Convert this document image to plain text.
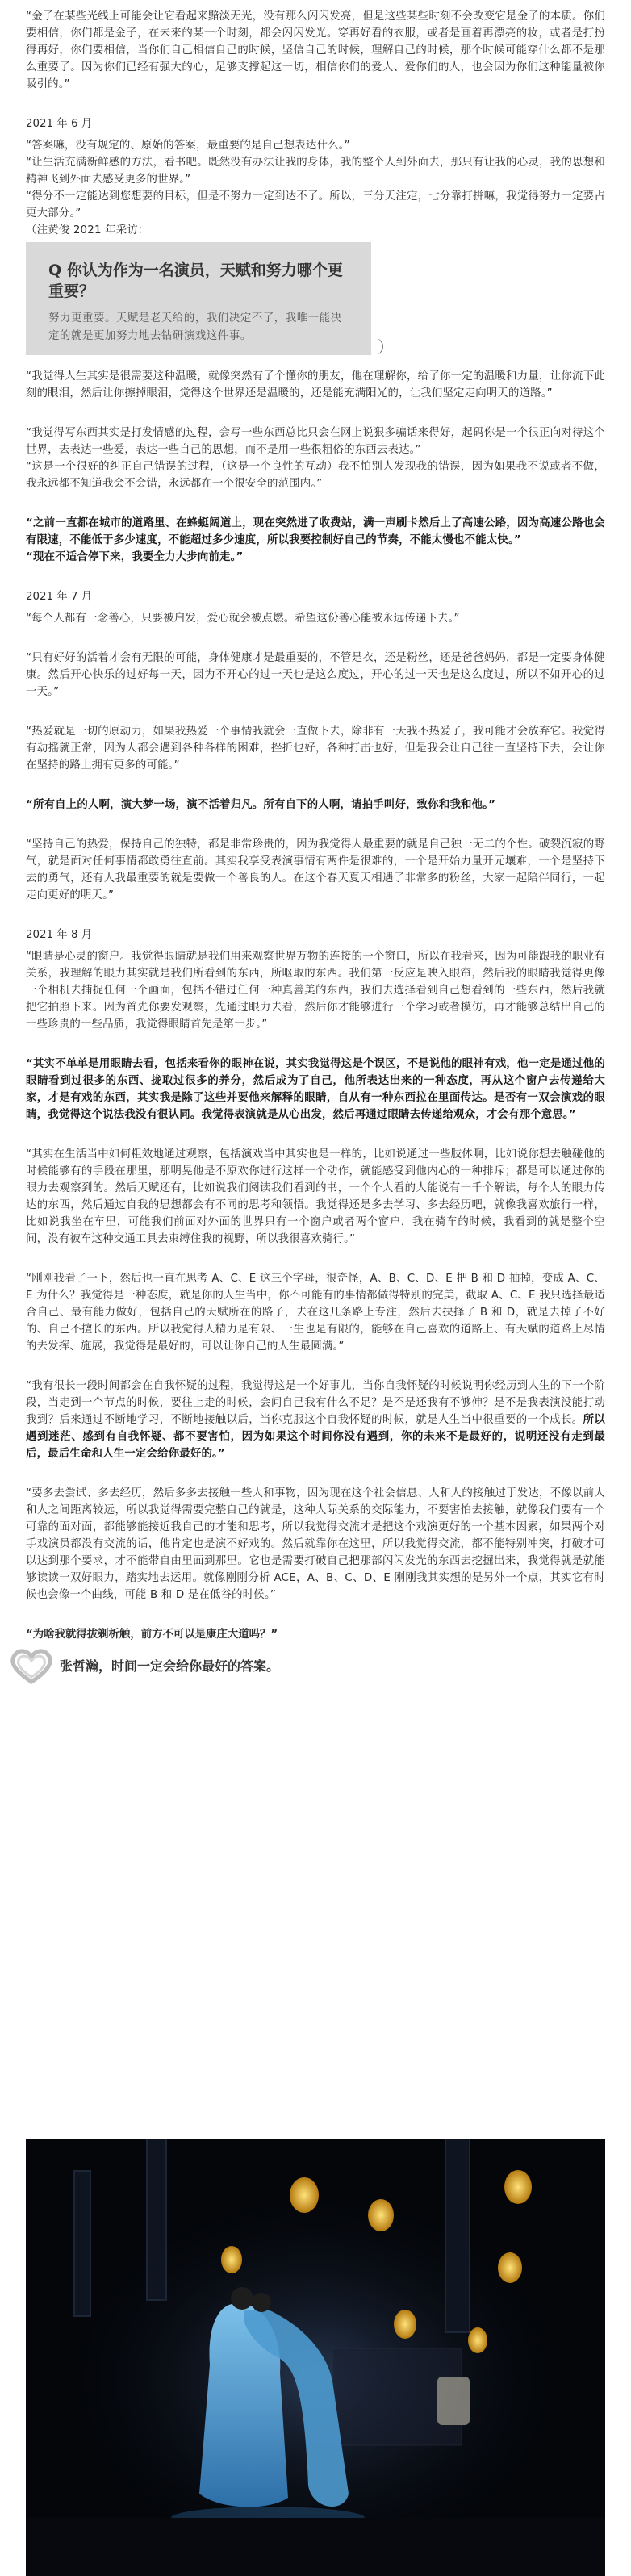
“金子在某些光线上可能会让它看起来黯淡无光，没有那么闪闪发亮，但是这些某些时刻不会改变它是金子的本质。你们要相信，你们都是金子，在未来的某一个时刻，都会闪闪发光。穿再好看的衣服，或者是画着再漂亮的妆，或者是打扮得再好，你们要相信，当你们自己相信自己的时候，坚信自己的时候，理解自己的时候，那个时候可能穿什么都不是那么重要了。因为你们已经有强大的心，足够支撑起这一切，相信你们的爱人、爱你们的人，也会因为你们这种能量被你吸引的。”

2021 年 6 月

“答案嘛，没有规定的、原始的答案，最重要的是自己想表达什么。”

“让生活充满新鲜感的方法，看书吧。既然没有办法让我的身体，我的整个人到外面去，那只有让我的心灵，我的思想和精神飞到外面去感受更多的世界。”

“得分不一定能达到您想要的目标，但是不努力一定到达不了。所以，三分天注定，七分靠打拼嘛，我觉得努力一定要占更大部分。”

（注黄俊 2021 年采访：

Q 你认为作为一名演员，天赋和努力哪个更重要？
努力更重要。天赋是老天给的，我们决定不了，我唯一能决定的就是更加努力地去钻研演戏这件事。
）

“我觉得人生其实是很需要这种温暖，就像突然有了个懂你的朋友，他在理解你，给了你一定的温暖和力量，让你流下此刻的眼泪，然后让你擦掉眼泪，觉得这个世界还是温暖的，还是能充满阳光的，让我们坚定走向明天的道路。”

“我觉得写东西其实是打发情感的过程，会写一些东西总比只会在网上说狠多骗话来得好，起码你是一个很正向对待这个世界，去表达一些爱，表达一些自己的思想，而不是用一些很粗俗的东西去表达。”

“这是一个很好的纠正自己错误的过程，（这是一个良性的互动）我不怕别人发现我的错误，因为如果我不说或者不做，我永远都不知道我会不会错，永远都在一个很安全的范围内。”

“之前一直都在城市的道路里、在蜂蜓阔道上，现在突然进了收费站，满一声刷卡然后上了高速公路，因为高速公路也会有限速，不能低于多少速度，不能超过多少速度，所以我要控制好自己的节奏，不能太慢也不能太快。”

“现在不适合停下来，我要全力大步向前走。”

2021 年 7 月

“每个人都有一念善心，只要被启发，爱心就会被点燃。希望这份善心能被永远传递下去。”

“只有好好的活着才会有无限的可能，身体健康才是最重要的，不管是衣，还是粉丝，还是爸爸妈妈，都是一定要身体健康。然后开心快乐的过好每一天，因为不开心的过一天也是这么度过，开心的过一天也是这么度过，所以不如开心的过一天。”

“热爱就是一切的原动力，如果我热爱一个事情我就会一直做下去，除非有一天我不热爱了，我可能才会放弃它。我觉得有动摇就正常，因为人都会遇到各种各样的困难，挫折也好，各种打击也好，但是我会让自己往一直坚持下去，会让你在坚持的路上拥有更多的可能。”

“所有自上的人啊，演大梦一场，演不活着归凡。所有自下的人啊，请拍手叫好，致你和我和他。”

“坚持自己的热爱，保持自己的独特，都是非常珍贵的，因为我觉得人最重要的就是自己独一无二的个性。破裂沉寂的野气，就是面对任何事情都敢勇往直前。其实我享受表演事情有两件是很难的，一个是开始力量开元壤难，一个是坚持下去的勇气，还有人我最重要的就是要做一个善良的人。在这个春天夏天相遇了非常多的粉丝，大家一起陪伴同行，一起走向更好的明天。”

2021 年 8 月

“眼睛是心灵的窗户。我觉得眼睛就是我们用来观察世界万物的连接的一个窗口，所以在我看来，因为可能跟我的职业有关系，我理解的眼力其实就是我们所看到的东西，所呕取的东西。我们第一反应是映入眼帘，然后我的眼睛我觉得更像一个相机去捕捉任何一个画面，包括不错过任何一种真善美的东西，我们去选择看到自己想看到的一些东西，然后我就把它拍照下来。因为首先你要发观察，先通过眼力去看，然后你才能够进行一个学习或者模仿，再才能够总结出自己的一些珍贵的一些品质，我觉得眼睛首先是第一步。”

“其实不单单是用眼睛去看，包括来看你的眼神在说，其实我觉得这是个误区，不是说他的眼神有戏，他一定是通过他的眼睛看到过很多的东西、拢取过很多的养分，然后成为了自己，他所表达出来的一种态度，再从这个窗户去传递给大家，才是有戏的东西，其实我是除了这些并要他来解释的眼睛，自从有一种东西拉在里面传达。是否有一双会演戏的眼睛，我觉得这个说法我没有很认同。我觉得表演就是从心出发，然后再通过眼睛去传递给观众，才会有那个意思。”

“其实在生活当中如何粗效地通过观察，包括演戏当中其实也是一样的，比如说通过一些肢体啊，比如说你想去触碰他的时候能够有的手段在那里，那明晃他是不原欢你进行这样一个动作，就能感受到他内心的一种排斥；都是可以通过你的眼力去观察到的。然后天赋还有，比如说我们阅读我们看到的书，一个个人看的人能说有一千个解读，每个人的眼力传达的东西，然后通过自我的思想都会有不同的思考和领悟。我觉得还是多去学习、多去经历吧，就像我喜欢旅行一样，比如说我坐在车里，可能我们前面对外面的世界只有一个窗户或者两个窗户，我在骑车的时候，我看到的就是整个空间，没有被车这种交通工具去束缚住我的视野，所以我很喜欢骑行。”

“刚刚我看了一下，然后也一直在思考 A、C、E 这三个字母，很奇怪，A、B、C、D、E 把 B 和 D 抽掉，变成 A、C、E 为什么？我觉得是一种态度，就是你的人生当中，你不可能有的事情都做得特别的完美，截取 A、C、E 我只选择最适合自己、最有能力做好，包括自己的天赋所在的路子，去在这几条路上专注，然后去抉择了 B 和 D，就是去掉了不好的、自己不擅长的东西。所以我觉得人精力是有限、一生也是有限的，能够在自己喜欢的道路上、有天赋的道路上尽情的去发挥、施展，我觉得是最好的，可以让你自己的人生最圆满。”

“我有很长一段时间都会在自我怀疑的过程，我觉得这是一个好事儿，当你自我怀疑的时候说明你经历到人生的下一个阶段，当走到一个节点的时候，要往上走的时候，会问自己我有什么不足？是不是还我有不够伸？是不是我表演没能打动我到？后来通过不断地学习，不断地接触以后，当你克服这个自我怀疑的时候，就是人生当中很重要的一个成长。所以遇到迷茫、感到有自我怀疑、都不要害怕，因为如果这个时间你没有遇到，你的未来不是最好的，说明还没有走到最后，最后生命和人生一定会给你最好的。”

“要多去尝试、多去经历，然后多多去接触一些人和事物，因为现在这个社会信息、人和人的接触过于发达，不像以前人和人之间距离较远，所以我觉得需要完整自己的就是，这种人际关系的交际能力，不要害怕去接触，就像我们要有一个可靠的面对面，都能够能接近我自己的才能和思考，所以我觉得交流才是把这个戏演更好的一个基本因素，如果两个对手戏演员都没有交流的话，他肯定也是演不好戏的。然后就靠你在这里，所以我觉得交流，都不能特别冲突，打破才可以达到那个要求，才不能带自由里面到那里。它也是需要打破自己把那部闪闪发光的东西去挖掘出来，我觉得就是就能够读读一双好眼力，踏实地去运用。就像刚刚分析 ACE，A、B、C、D、E 刚刚我其实想的是另外一个点，其实它有时候也会像一个曲线，可能 B 和 D 是在低谷的时候。”

“为啥我就得拔剃析触，前方不可以是康庄大道吗？”

张哲瀚，时间一定会给你最好的答案。
